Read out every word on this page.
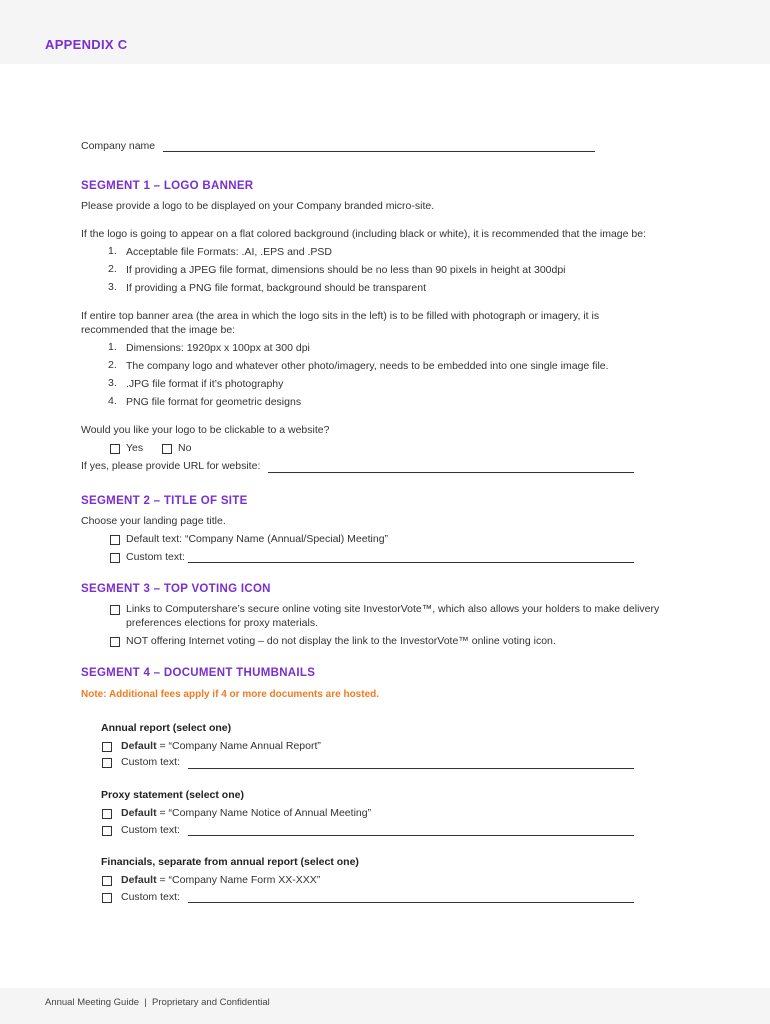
APPENDIX C
Company name
SEGMENT 1 – LOGO BANNER
Please provide a logo to be displayed on your Company branded micro-site.
If the logo is going to appear on a flat colored background (including black or white), it is recommended that the image be:
1. Acceptable file Formats: .AI, .EPS and .PSD
2. If providing a JPEG file format, dimensions should be no less than 90 pixels in height at 300dpi
3. If providing a PNG file format, background should be transparent
If entire top banner area (the area in which the logo sits in the left) is to be filled with photograph or imagery, it is
recommended that the image be:
1. Dimensions: 1920px x 100px at 300 dpi
2. The company logo and whatever other photo/imagery, needs to be embedded into one single image file.
3. .JPG file format if it’s photography
4. PNG file format for geometric designs
Would you like your logo to be clickable to a website?
Yes	No
If yes, please provide URL for website:
SEGMENT 2 – TITLE OF SITE
Choose your landing page title.
Default text: “Company Name (Annual/Special) Meeting”
Custom text:
SEGMENT 3 – TOP VOTING ICON
Links to Computershare’s secure online voting site InvestorVote™, which also allows your holders to make delivery
preferences elections for proxy materials.
NOT offering Internet voting – do not display the link to the InvestorVote™ online voting icon.
SEGMENT 4 – DOCUMENT THUMBNAILS
Note: Additional fees apply if 4 or more documents are hosted.
Annual report (select one)
Default = “Company Name Annual Report”
Custom text:
Proxy statement (select one)
Default = “Company Name Notice of Annual Meeting”
Custom text:
Financials, separate from annual report (select one)
Default = “Company Name Form XX-XXX”
Custom text:
Annual Meeting Guide  |  Proprietary and Confidential
